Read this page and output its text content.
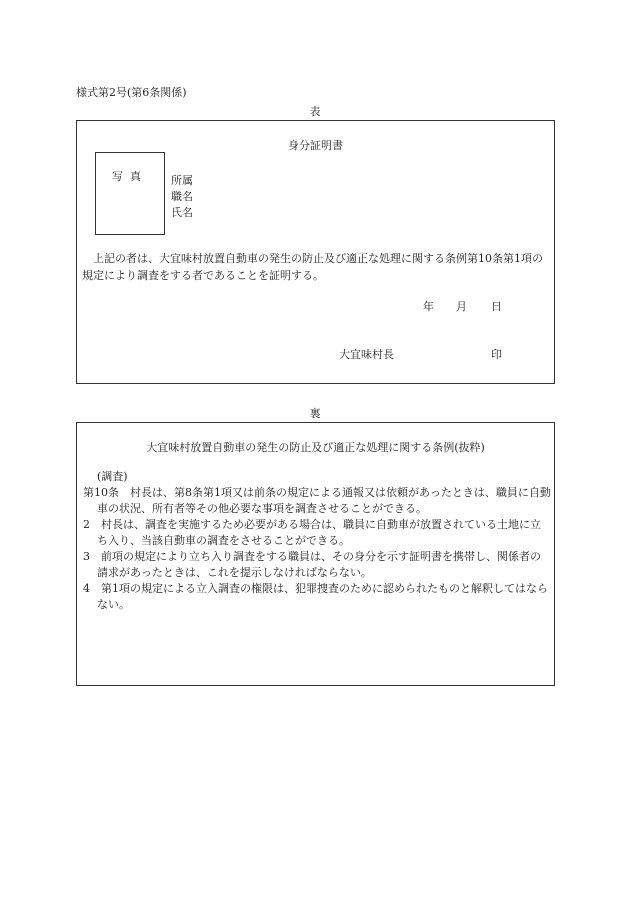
様式第2号(第6条関係)
表
身分証明書
写真	所属
職名
氏名
　上記の者は、大宜味村放置自動車の発生の防止及び適正な処理に関する条例第10条第1項の規定により調査をする者であることを証明する。
年 月 日
大宜味村長	印
裏
大宜味村放置自動車の発生の防止及び適正な処理に関する条例(抜粋)

(調査)

第10条　村長は、第8条第1項又は前条の規定による通報又は依頼があったときは、職員に自動車の状況、所有者等その他必要な事項を調査させることができる。

2　村長は、調査を実施するため必要がある場合は、職員に自動車が放置されている土地に立ち入り、当該自動車の調査をさせることができる。

3　前項の規定により立ち入り調査をする職員は、その身分を示す証明書を携帯し、関係者の請求があったときは、これを提示しなければならない。

4　第1項の規定による立入調査の権限は、犯罪捜査のために認められたものと解釈してはならない。
